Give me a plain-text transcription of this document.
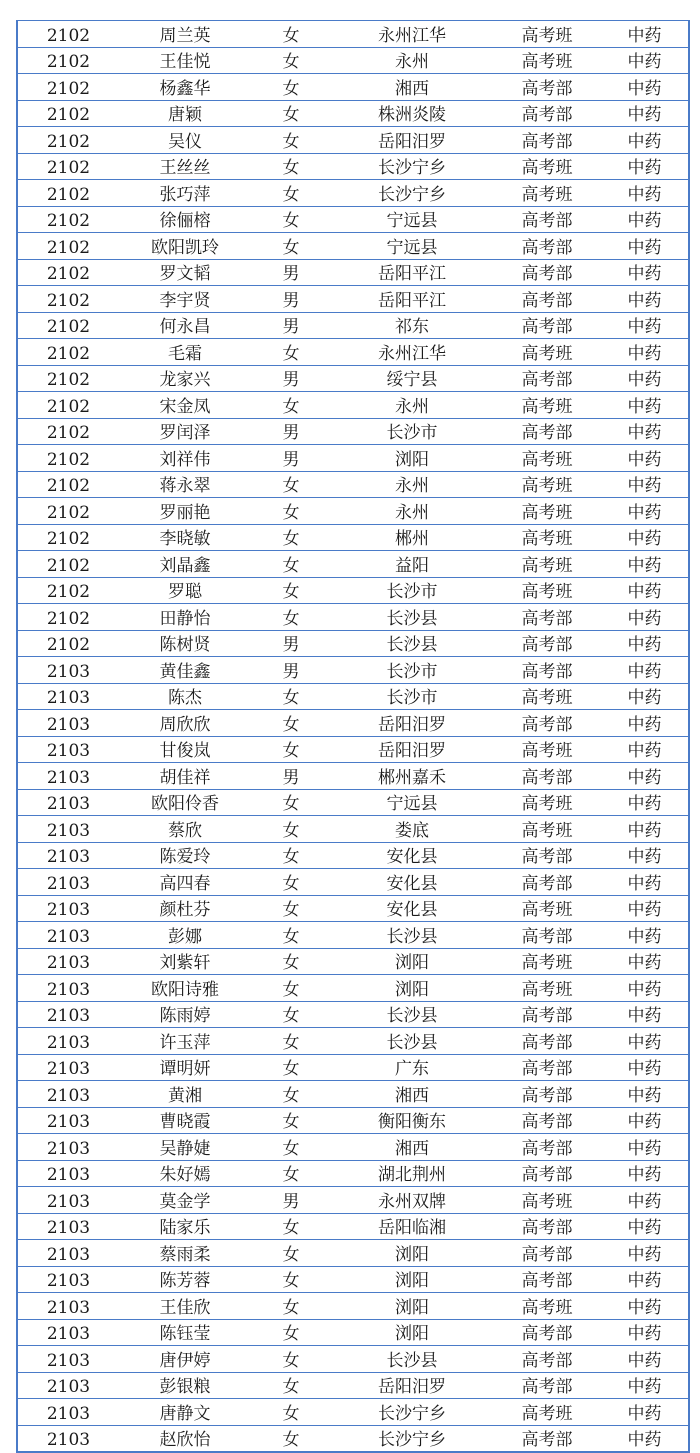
2102	周兰英	女	永州江华	高考班	中药
2102	王佳悦	女	永州	高考班	中药
2102	杨鑫华	女	湘西	高考部	中药
2102	唐颖	女	株洲炎陵	高考部	中药
2102	吴仪	女	岳阳汨罗	高考部	中药
2102	王丝丝	女	长沙宁乡	高考班	中药
2102	张巧萍	女	长沙宁乡	高考班	中药
2102	徐俪榕	女	宁远县	高考部	中药
2102	欧阳凯玲	女	宁远县	高考部	中药
2102	罗文韬	男	岳阳平江	高考部	中药
2102	李宇贤	男	岳阳平江	高考部	中药
2102	何永昌	男	祁东	高考部	中药
2102	毛霜	女	永州江华	高考班	中药
2102	龙家兴	男	绥宁县	高考部	中药
2102	宋金凤	女	永州	高考班	中药
2102	罗闰泽	男	长沙市	高考部	中药
2102	刘祥伟	男	浏阳	高考班	中药
2102	蒋永翠	女	永州	高考班	中药
2102	罗丽艳	女	永州	高考班	中药
2102	李晓敏	女	郴州	高考班	中药
2102	刘晶鑫	女	益阳	高考班	中药
2102	罗聪	女	长沙市	高考班	中药
2102	田静怡	女	长沙县	高考部	中药
2102	陈树贤	男	长沙县	高考部	中药
2103	黄佳鑫	男	长沙市	高考部	中药
2103	陈杰	女	长沙市	高考班	中药
2103	周欣欣	女	岳阳汨罗	高考部	中药
2103	甘俊岚	女	岳阳汨罗	高考班	中药
2103	胡佳祥	男	郴州嘉禾	高考部	中药
2103	欧阳伶香	女	宁远县	高考班	中药
2103	蔡欣	女	娄底	高考班	中药
2103	陈爱玲	女	安化县	高考部	中药
2103	高四春	女	安化县	高考部	中药
2103	颜杜芬	女	安化县	高考班	中药
2103	彭娜	女	长沙县	高考部	中药
2103	刘紫轩	女	浏阳	高考班	中药
2103	欧阳诗雅	女	浏阳	高考班	中药
2103	陈雨婷	女	长沙县	高考部	中药
2103	许玉萍	女	长沙县	高考部	中药
2103	谭明妍	女	广东	高考部	中药
2103	黄湘	女	湘西	高考部	中药
2103	曹晓霞	女	衡阳衡东	高考部	中药
2103	吴静婕	女	湘西	高考部	中药
2103	朱好嫣	女	湖北荆州	高考部	中药
2103	莫金学	男	永州双牌	高考班	中药
2103	陆家乐	女	岳阳临湘	高考部	中药
2103	蔡雨柔	女	浏阳	高考部	中药
2103	陈芳蓉	女	浏阳	高考部	中药
2103	王佳欣	女	浏阳	高考班	中药
2103	陈钰莹	女	浏阳	高考部	中药
2103	唐伊婷	女	长沙县	高考部	中药
2103	彭银粮	女	岳阳汨罗	高考部	中药
2103	唐静文	女	长沙宁乡	高考班	中药
2103	赵欣怡	女	长沙宁乡	高考部	中药
